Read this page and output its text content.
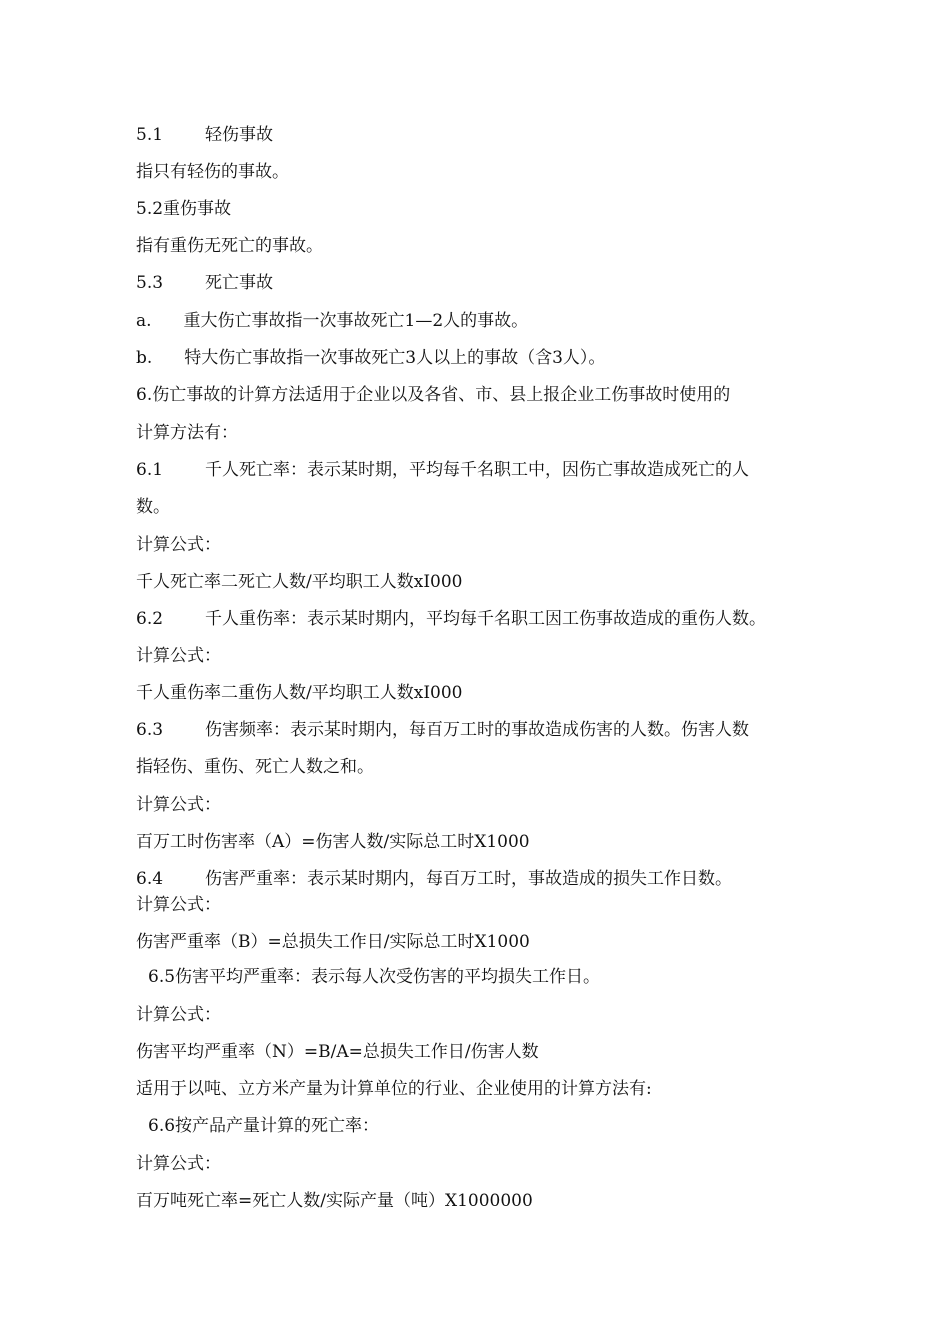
5.1 轻伤事故
指只有轻伤的事故。
5.2重伤事故
指有重伤无死亡的事故。
5.3 死亡事故
a. 重大伤亡事故指一次事故死亡1—2人的事故。
b. 特大伤亡事故指一次事故死亡3人以上的事故（含3人）。
6.伤亡事故的计算方法适用于企业以及各省、市、县上报企业工伤事故时使用的
计算方法有：
6.1 千人死亡率：表示某时期，平均每千名职工中，因伤亡事故造成死亡的人
数。
计算公式：
千人死亡率二死亡人数/平均职工人数xI000
6.2 千人重伤率：表示某时期内，平均每千名职工因工伤事故造成的重伤人数。
计算公式：
千人重伤率二重伤人数/平均职工人数xI000
6.3 伤害频率：表示某时期内，每百万工时的事故造成伤害的人数。伤害人数
指轻伤、重伤、死亡人数之和。
计算公式：
百万工时伤害率（A）=伤害人数/实际总工时X1000
6.4 伤害严重率：表示某时期内，每百万工时，事故造成的损失工作日数。
计算公式：
伤害严重率（B）=总损失工作日/实际总工时X1000
6.5伤害平均严重率：表示每人次受伤害的平均损失工作日。
计算公式：
伤害平均严重率（N）=B/A=总损失工作日/伤害人数
适用于以吨、立方米产量为计算单位的行业、企业使用的计算方法有:
6.6按产品产量计算的死亡率：
计算公式：
百万吨死亡率=死亡人数/实际产量（吨）X1000000
